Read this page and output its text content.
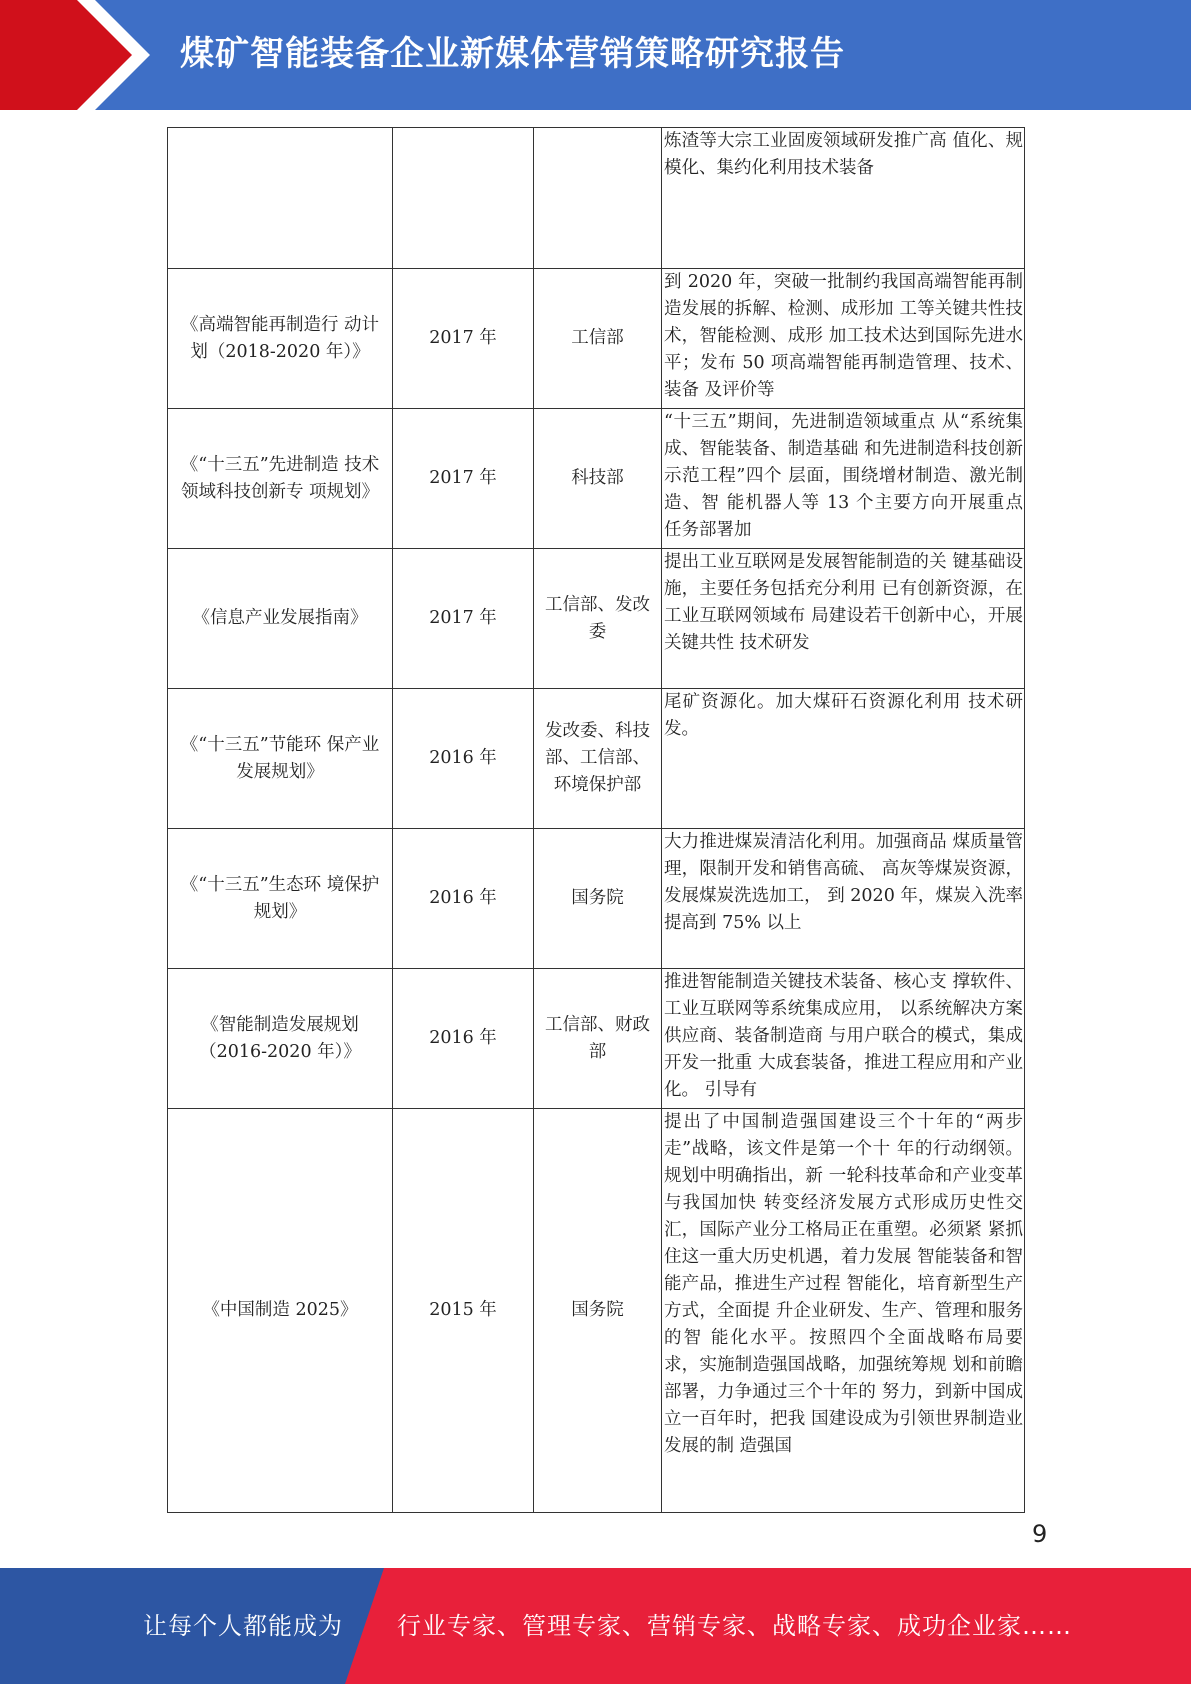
煤矿智能装备企业新媒体营销策略研究报告
			炼渣等大宗工业固废领域研发推广高 值化、规模化、集约化利用技术装备
《高端智能再制造行 动计划（2018-2020 年）》	2017 年	工信部	到 2020 年，突破一批制约我国高端智能再制造发展的拆解、检测、成形加 工等关键共性技术，智能检测、成形 加工技术达到国际先进水平；发布 50 项高端智能再制造管理、技术、装备 及评价等
《“十三五”先进制造 技术领域科技创新专 项规划》	2017 年	科技部	“十三五”期间，先进制造领域重点 从“系统集成、智能装备、制造基础 和先进制造科技创新示范工程”四个 层面，围绕增材制造、激光制造、智 能机器人等 13 个主要方向开展重点 任务部署加
《信息产业发展指南》	2017 年	工信部、发改委	提出工业互联网是发展智能制造的关 键基础设施，主要任务包括充分利用 已有创新资源，在工业互联网领域布 局建设若干创新中心，开展关键共性 技术研发
《“十三五”节能环 保产业发展规划》	2016 年	发改委、科技部、工信部、环境保护部	尾矿资源化。加大煤矸石资源化利用 技术研发。
《“十三五”生态环 境保护规划》	2016 年	国务院	大力推进煤炭清洁化利用。加强商品 煤质量管理，限制开发和销售高硫、 高灰等煤炭资源，发展煤炭洗选加工， 到 2020 年，煤炭入洗率提高到 75% 以上
《智能制造发展规划（2016-2020 年）》	2016 年	工信部、财政部	推进智能制造关键技术装备、核心支 撑软件、工业互联网等系统集成应用， 以系统解决方案供应商、装备制造商 与用户联合的模式，集成开发一批重 大成套装备，推进工程应用和产业化。 引导有
《中国制造 2025》	2015 年	国务院	提出了中国制造强国建设三个十年的“两步走”战略，该文件是第一个十 年的行动纲领。规划中明确指出，新 一轮科技革命和产业变革与我国加快 转变经济发展方式形成历史性交汇，国际产业分工格局正在重塑。必须紧 紧抓住这一重大历史机遇，着力发展 智能装备和智能产品，推进生产过程 智能化，培育新型生产方式，全面提 升企业研发、生产、管理和服务的智 能化水平。按照四个全面战略布局要 求，实施制造强国战略，加强统筹规 划和前瞻部署，力争通过三个十年的 努力，到新中国成立一百年时，把我 国建设成为引领世界制造业发展的制 造强国
9
让每个人都能成为 行业专家、管理专家、营销专家、战略专家、成功企业家……
